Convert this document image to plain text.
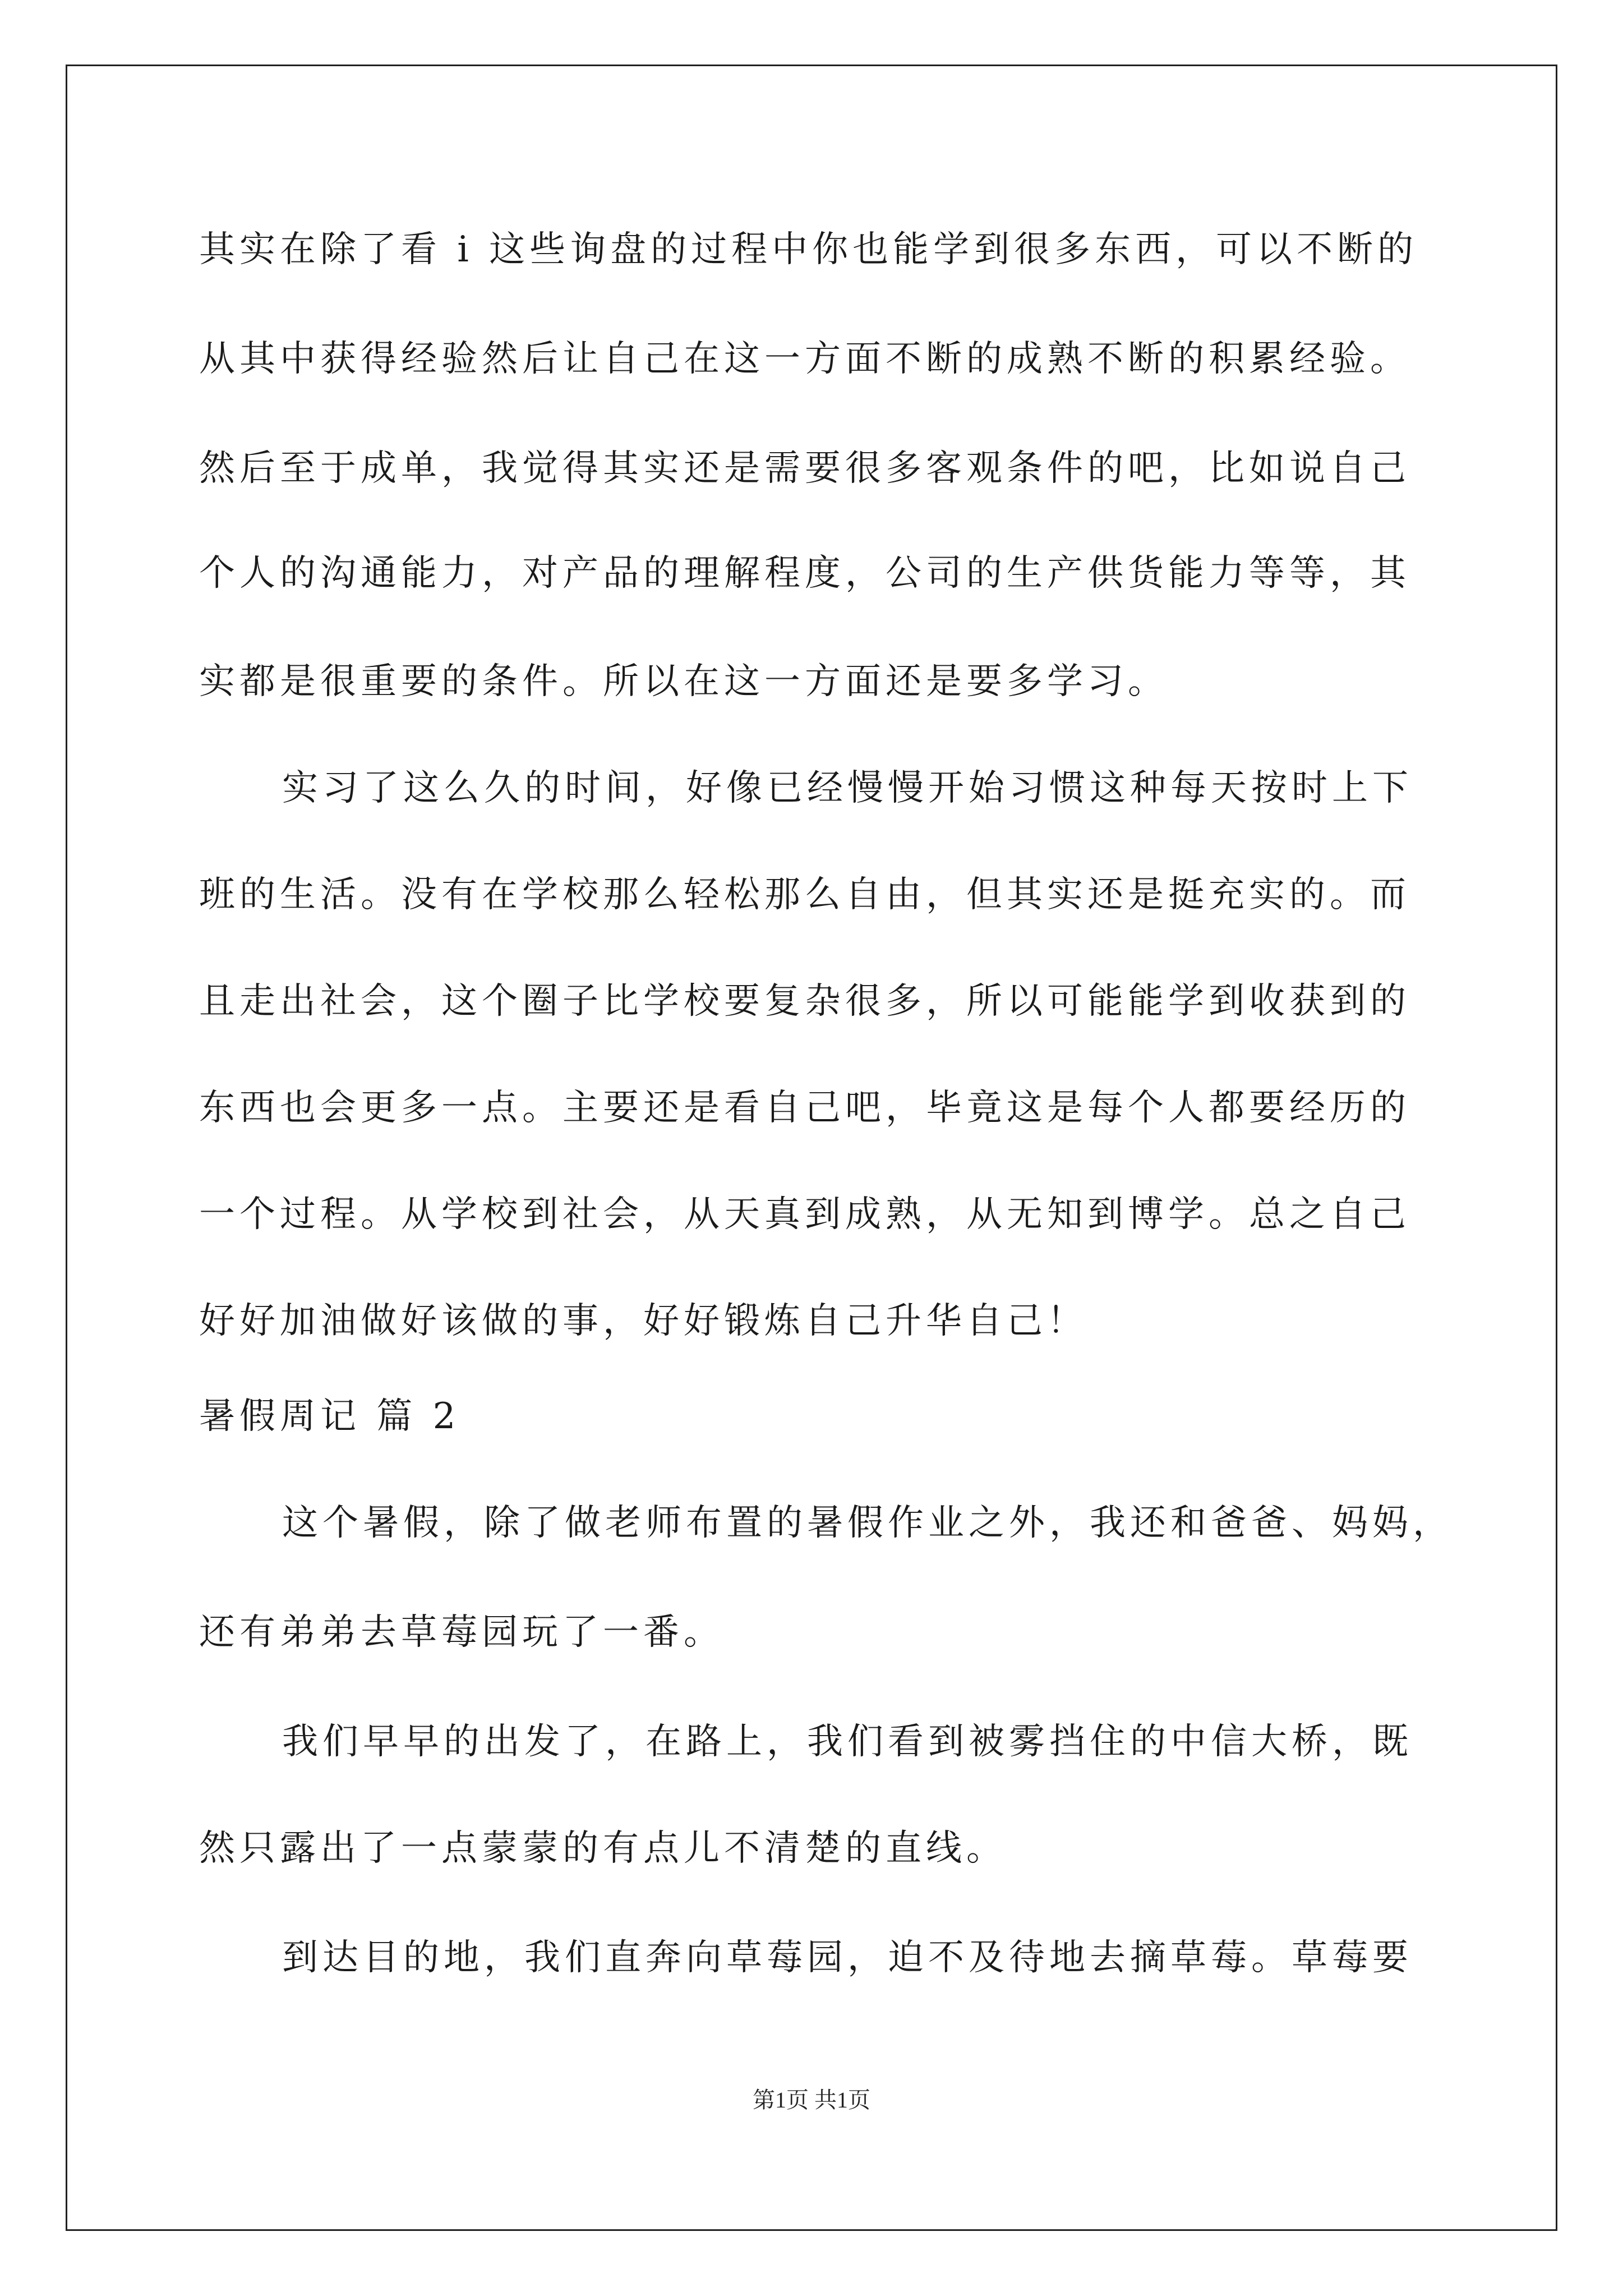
其实在除了看 i 这些询盘的过程中你也能学到很多东西，可以不断的
从其中获得经验然后让自己在这一方面不断的成熟不断的积累经验。
然后至于成单，我觉得其实还是需要很多客观条件的吧，比如说自己
个人的沟通能力，对产品的理解程度，公司的生产供货能力等等，其
实都是很重要的条件。所以在这一方面还是要多学习。
实习了这么久的时间，好像已经慢慢开始习惯这种每天按时上下
班的生活。没有在学校那么轻松那么自由，但其实还是挺充实的。而
且走出社会，这个圈子比学校要复杂很多，所以可能能学到收获到的
东西也会更多一点。主要还是看自己吧，毕竟这是每个人都要经历的
一个过程。从学校到社会，从天真到成熟，从无知到博学。总之自己
好好加油做好该做的事，好好锻炼自己升华自己！
暑假周记 篇 2
这个暑假，除了做老师布置的暑假作业之外，我还和爸爸、妈妈，
还有弟弟去草莓园玩了一番。
我们早早的出发了，在路上，我们看到被雾挡住的中信大桥，既
然只露出了一点蒙蒙的有点儿不清楚的直线。
到达目的地，我们直奔向草莓园，迫不及待地去摘草莓。草莓要
第1页 共1页
